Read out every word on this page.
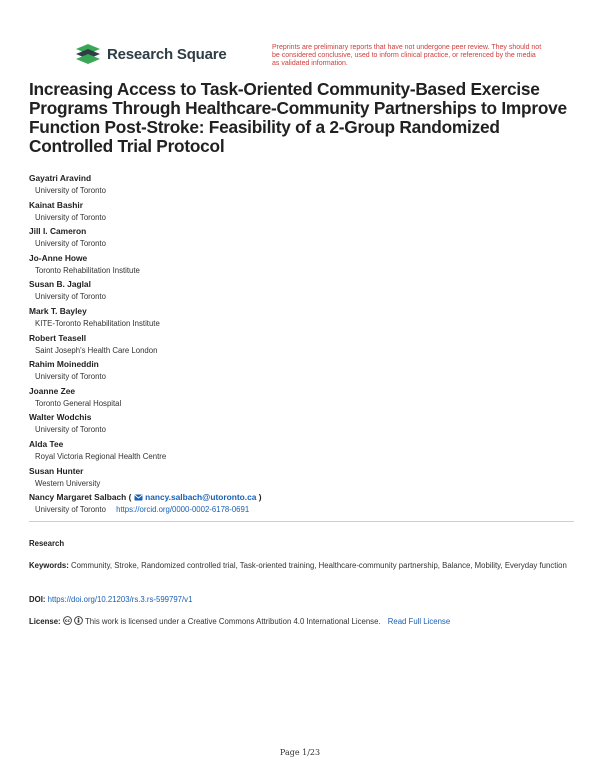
Research Square	Preprints are preliminary reports that have not undergone peer review. They should not be considered conclusive, used to inform clinical practice, or referenced by the media as validated information.
Increasing Access to Task-Oriented Community-Based Exercise Programs Through Healthcare-Community Partnerships to Improve Function Post-Stroke: Feasibility of a 2-Group Randomized Controlled Trial Protocol
Gayatri Aravind
University of Toronto
Kainat Bashir
University of Toronto
Jill I. Cameron
University of Toronto
Jo-Anne Howe
Toronto Rehabilitation Institute
Susan B. Jaglal
University of Toronto
Mark T. Bayley
KITE-Toronto Rehabilitation Institute
Robert Teasell
Saint Joseph's Health Care London
Rahim Moineddin
University of Toronto
Joanne Zee
Toronto General Hospital
Walter Wodchis
University of Toronto
Alda Tee
Royal Victoria Regional Health Centre
Susan Hunter
Western University
Nancy Margaret Salbach (  nancy.salbach@utoronto.ca )
University of Toronto https://orcid.org/0000-0002-6178-0691
Research
Keywords: Community, Stroke, Randomized controlled trial, Task-oriented training, Healthcare-community partnership, Balance, Mobility, Everyday function
DOI: https://doi.org/10.21203/rs.3.rs-599797/v1
License: cc This work is licensed under a Creative Commons Attribution 4.0 International License. Read Full License
Page 1/23
